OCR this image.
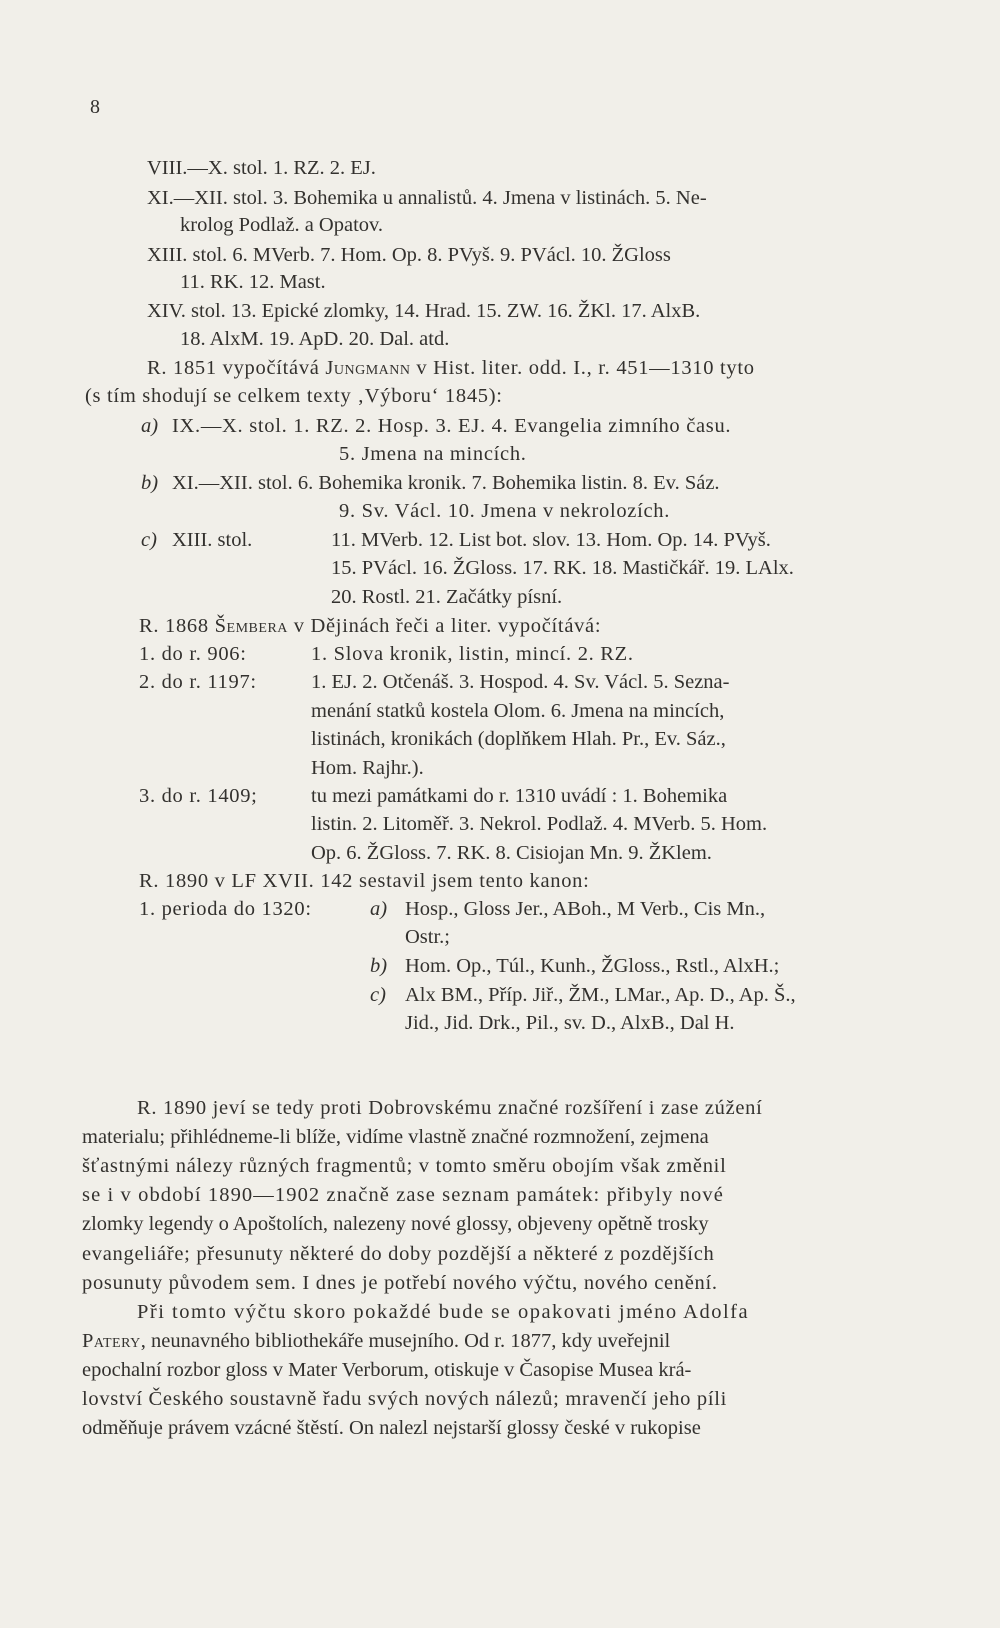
8
VIII.—X. stol. 1. RZ. 2. EJ.
XI.—XII. stol. 3. Bohemika u annalistů. 4. Jmena v listinách. 5. Ne-
krolog Podlaž. a Opatov.
XIII. stol. 6. MVerb. 7. Hom. Op. 8. PVyš. 9. PVácl. 10. ŽGloss
11. RK. 12. Mast.
XIV. stol. 13. Epické zlomky, 14. Hrad. 15. ZW. 16. ŽKl. 17. AlxB.
18. AlxM. 19. ApD. 20. Dal. atd.
R. 1851 vypočítává Jungmann v Hist. liter. odd. I., r. 451—1310 tyto
(s tím shodují se celkem texty ‚Výboru‘ 1845):
a) IX.—X. stol. 1. RZ. 2. Hosp. 3. EJ. 4. Evangelia zimního času.
5. Jmena na mincích.
b) XI.—XII. stol. 6. Bohemika kronik. 7. Bohemika listin. 8. Ev. Sáz.
9. Sv. Václ. 10. Jmena v nekrolozích.
c) XIII. stol.	11. MVerb. 12. List bot. slov. 13. Hom. Op. 14. PVyš.
15. PVácl. 16. ŽGloss. 17. RK. 18. Mastičkář. 19. LAlx.
20. Rostl. 21. Začátky písní.
R. 1868 Šembera v Dějinách řeči a liter. vypočítává:
1. do r. 906:	1. Slova kronik, listin, mincí. 2. RZ.
2. do r. 1197:	1. EJ. 2. Otčenáš. 3. Hospod. 4. Sv. Václ. 5. Sezna-
menání statků kostela Olom. 6. Jmena na mincích,
listinách, kronikách (doplňkem Hlah. Pr., Ev. Sáz.,
Hom. Rajhr.).
3. do r. 1409;	tu mezi památkami do r. 1310 uvádí : 1. Bohemika
listin. 2. Litoměř. 3. Nekrol. Podlaž. 4. MVerb. 5. Hom.
Op. 6. ŽGloss. 7. RK. 8. Cisiojan Mn. 9. ŽKlem.
R. 1890 v LF XVII. 142 sestavil jsem tento kanon:
1. perioda do 1320:	a) Hosp., Gloss Jer., ABoh., M Verb., Cis Mn.,
Ostr.;
b) Hom. Op., Túl., Kunh., ŽGloss., Rstl., AlxH.;
c) Alx BM., Příp. Jiř., ŽM., LMar., Ap. D., Ap. Š.,
Jid., Jid. Drk., Pil., sv. D., AlxB., Dal H.
R. 1890 jeví se tedy proti Dobrovskému značné rozšíření i zase zúžení
materialu; přihlédneme-li blíže, vidíme vlastně značné rozmnožení, zejmena
šťastnými nálezy různých fragmentů; v tomto směru obojím však změnil
se i v období 1890—1902 značně zase seznam památek: přibyly nové
zlomky legendy o Apoštolích, nalezeny nové glossy, objeveny opětně trosky
evangeliáře; přesunuty některé do doby pozdější a některé z pozdějších
posunuty původem sem. I dnes je potřebí nového výčtu, nového cenění.
Při tomto výčtu skoro pokaždé bude se opakovati jméno Adolfa
Patery, neunavného bibliothekáře musejního. Od r. 1877, kdy uveřejnil
epochalní rozbor gloss v Mater Verborum, otiskuje v Časopise Musea krá-
lovství Českého soustavně řadu svých nových nálezů; mravenčí jeho píli
odměňuje právem vzácné štěstí. On nalezl nejstarší glossy české v rukopise
